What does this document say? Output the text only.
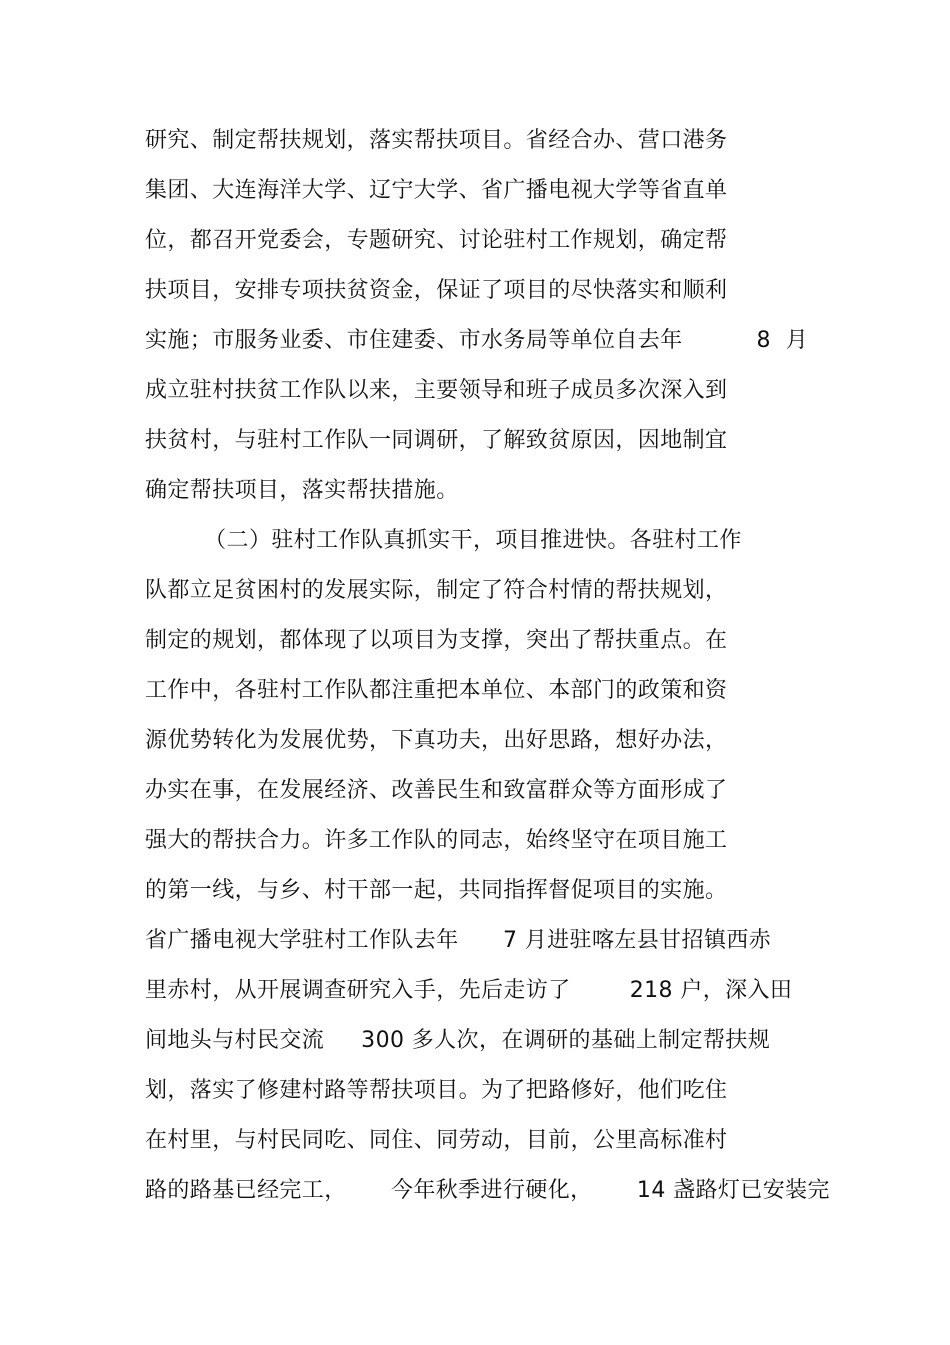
研究、制定帮扶规划，落实帮扶项目。省经合办、营口港务
集团、大连海洋大学、辽宁大学、省广播电视大学等省直单
位，都召开党委会，专题研究、讨论驻村工作规划，确定帮
扶项目，安排专项扶贫资金，保证了项目的尽快落实和顺利
实施；市服务业委、市住建委、市水务局等单位自去年          8  月
成立驻村扶贫工作队以来，主要领导和班子成员多次深入到
扶贫村，与驻村工作队一同调研，了解致贫原因，因地制宜
确定帮扶项目，落实帮扶措施。
（二）驻村工作队真抓实干，项目推进快。各驻村工作
队都立足贫困村的发展实际，制定了符合村情的帮扶规划，
制定的规划，都体现了以项目为支撑，突出了帮扶重点。在
工作中，各驻村工作队都注重把本单位、本部门的政策和资
源优势转化为发展优势，下真功夫，出好思路，想好办法，
办实在事，在发展经济、改善民生和致富群众等方面形成了
强大的帮扶合力。许多工作队的同志，始终坚守在项目施工
的第一线，与乡、村干部一起，共同指挥督促项目的实施。
省广播电视大学驻村工作队去年      7 月进驻喀左县甘招镇西赤
里赤村，从开展调查研究入手，先后走访了        218 户，深入田
间地头与村民交流     300 多人次，在调研的基础上制定帮扶规
划，落实了修建村路等帮扶项目。为了把路修好，他们吃住
在村里，与村民同吃、同住、同劳动，目前，公里高标准村
路的路基已经完工，      今年秋季进行硬化，      14 盏路灯已安装完
